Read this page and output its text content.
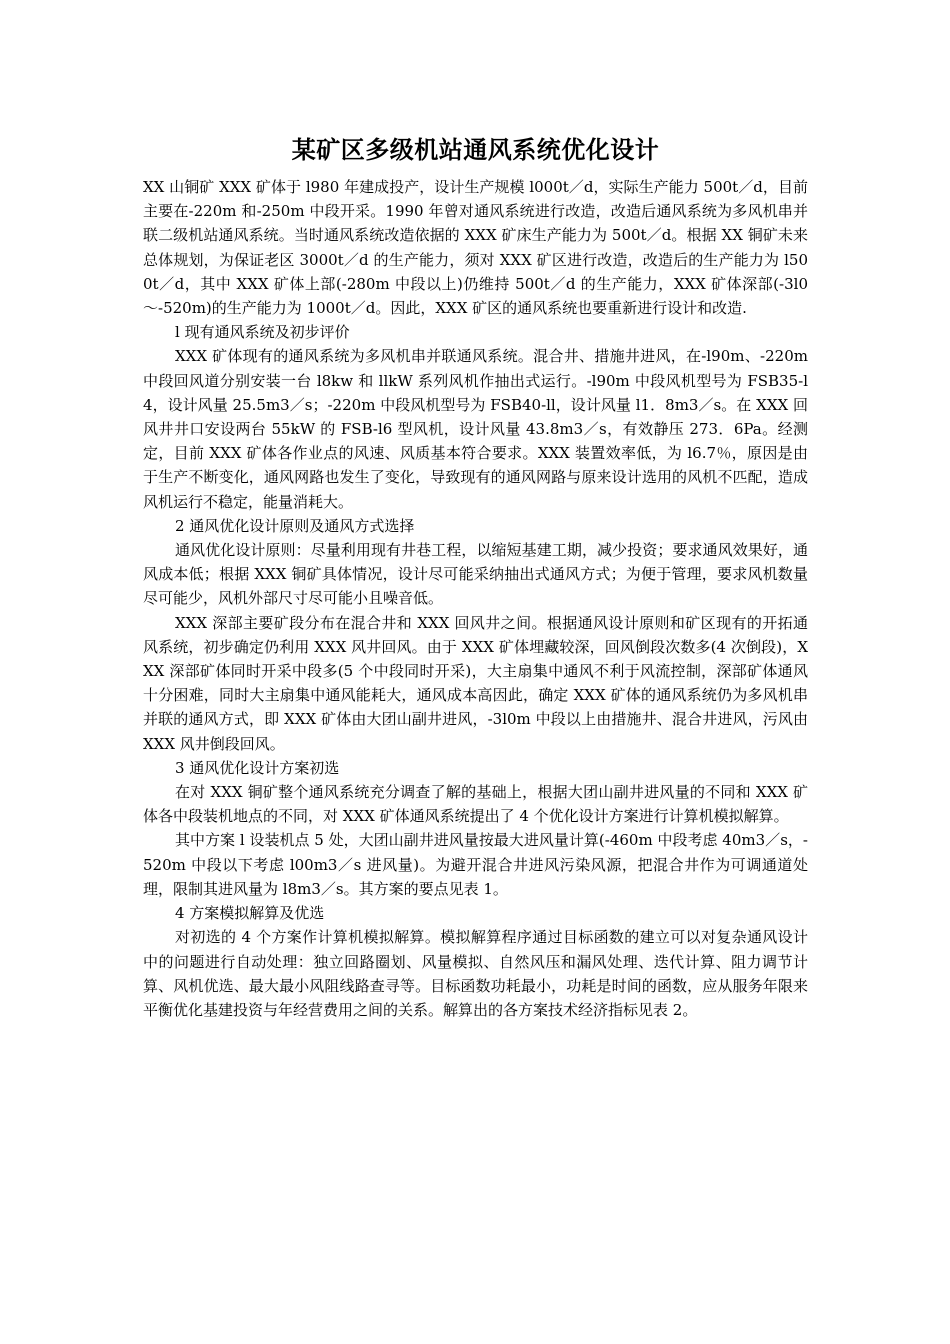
某矿区多级机站通风系统优化设计

XX 山铜矿 XXX 矿体于 l980 年建成投产，设计生产规模 l000t／d，实际生产能力 500t／d，目前主要在-220m 和-250m 中段开采。1990 年曾对通风系统进行改造，改造后通风系统为多风机串并联二级机站通风系统。当时通风系统改造依据的 XXX 矿床生产能力为 500t／d。根据 XX 铜矿未来总体规划，为保证老区 3000t／d 的生产能力，须对 XXX 矿区进行改造，改造后的生产能力为 l500t／d，其中 XXX 矿体上部(-280m 中段以上)仍维持 500t／d 的生产能力，XXX 矿体深部(-3l0～-520m)的生产能力为 1000t／d。因此，XXX 矿区的通风系统也要重新进行设计和改造.

l 现有通风系统及初步评价

XXX 矿体现有的通风系统为多风机串并联通风系统。混合井、措施井进风，在-l90m、-220m 中段回风道分别安装一台 l8kw 和 llkW 系列风机作抽出式运行。-l90m 中段风机型号为 FSB35-l4，设计风量 25.5m3／s；-220m 中段风机型号为 FSB40-ll，设计风量 l1．8m3／s。在 XXX 回风井井口安设两台 55kW 的 FSB-l6 型风机，设计风量 43.8m3／s，有效静压 273．6Pa。经测定，目前 XXX 矿体各作业点的风速、风质基本符合要求。XXX 装置效率低，为 l6.7％，原因是由于生产不断变化，通风网路也发生了变化，导致现有的通风网路与原来设计选用的风机不匹配，造成风机运行不稳定，能量消耗大。

2 通风优化设计原则及通风方式选择

通风优化设计原则：尽量利用现有井巷工程，以缩短基建工期，减少投资；要求通风效果好，通风成本低；根据 XXX 铜矿具体情况，设计尽可能采纳抽出式通风方式；为便于管理，要求风机数量尽可能少，风机外部尺寸尽可能小且噪音低。

XXX 深部主要矿段分布在混合井和 XXX 回风井之间。根据通风设计原则和矿区现有的开拓通风系统，初步确定仍利用 XXX 风井回风。由于 XXX 矿体埋藏较深，回风倒段次数多(4 次倒段)，XXX 深部矿体同时开采中段多(5 个中段同时开采)，大主扇集中通风不利于风流控制，深部矿体通风十分困难，同时大主扇集中通风能耗大，通风成本高因此，确定 XXX 矿体的通风系统仍为多风机串并联的通风方式，即 XXX 矿体由大团山副井进风，-3l0m 中段以上由措施井、混合井进风，污风由 XXX 风井倒段回风。

3 通风优化设计方案初选

在对 XXX 铜矿整个通风系统充分调查了解的基础上，根据大团山副井进风量的不同和 XXX 矿体各中段装机地点的不同，对 XXX 矿体通风系统提出了 4 个优化设计方案进行计算机模拟解算。

其中方案 l 设装机点 5 处，大团山副井进风量按最大进风量计算(-460m 中段考虑 40m3／s，-520m 中段以下考虑 l00m3／s 进风量)。为避开混合井进风污染风源，把混合井作为可调通道处理，限制其进风量为 l8m3／s。其方案的要点见表 1。

4 方案模拟解算及优选

对初选的 4 个方案作计算机模拟解算。模拟解算程序通过目标函数的建立可以对复杂通风设计中的问题进行自动处理：独立回路圈划、风量模拟、自然风压和漏风处理、迭代计算、阻力调节计算、风机优选、最大最小风阻线路查寻等。目标函数功耗最小，功耗是时间的函数，应从服务年限来平衡优化基建投资与年经营费用之间的关系。解算出的各方案技术经济指标见表 2。
